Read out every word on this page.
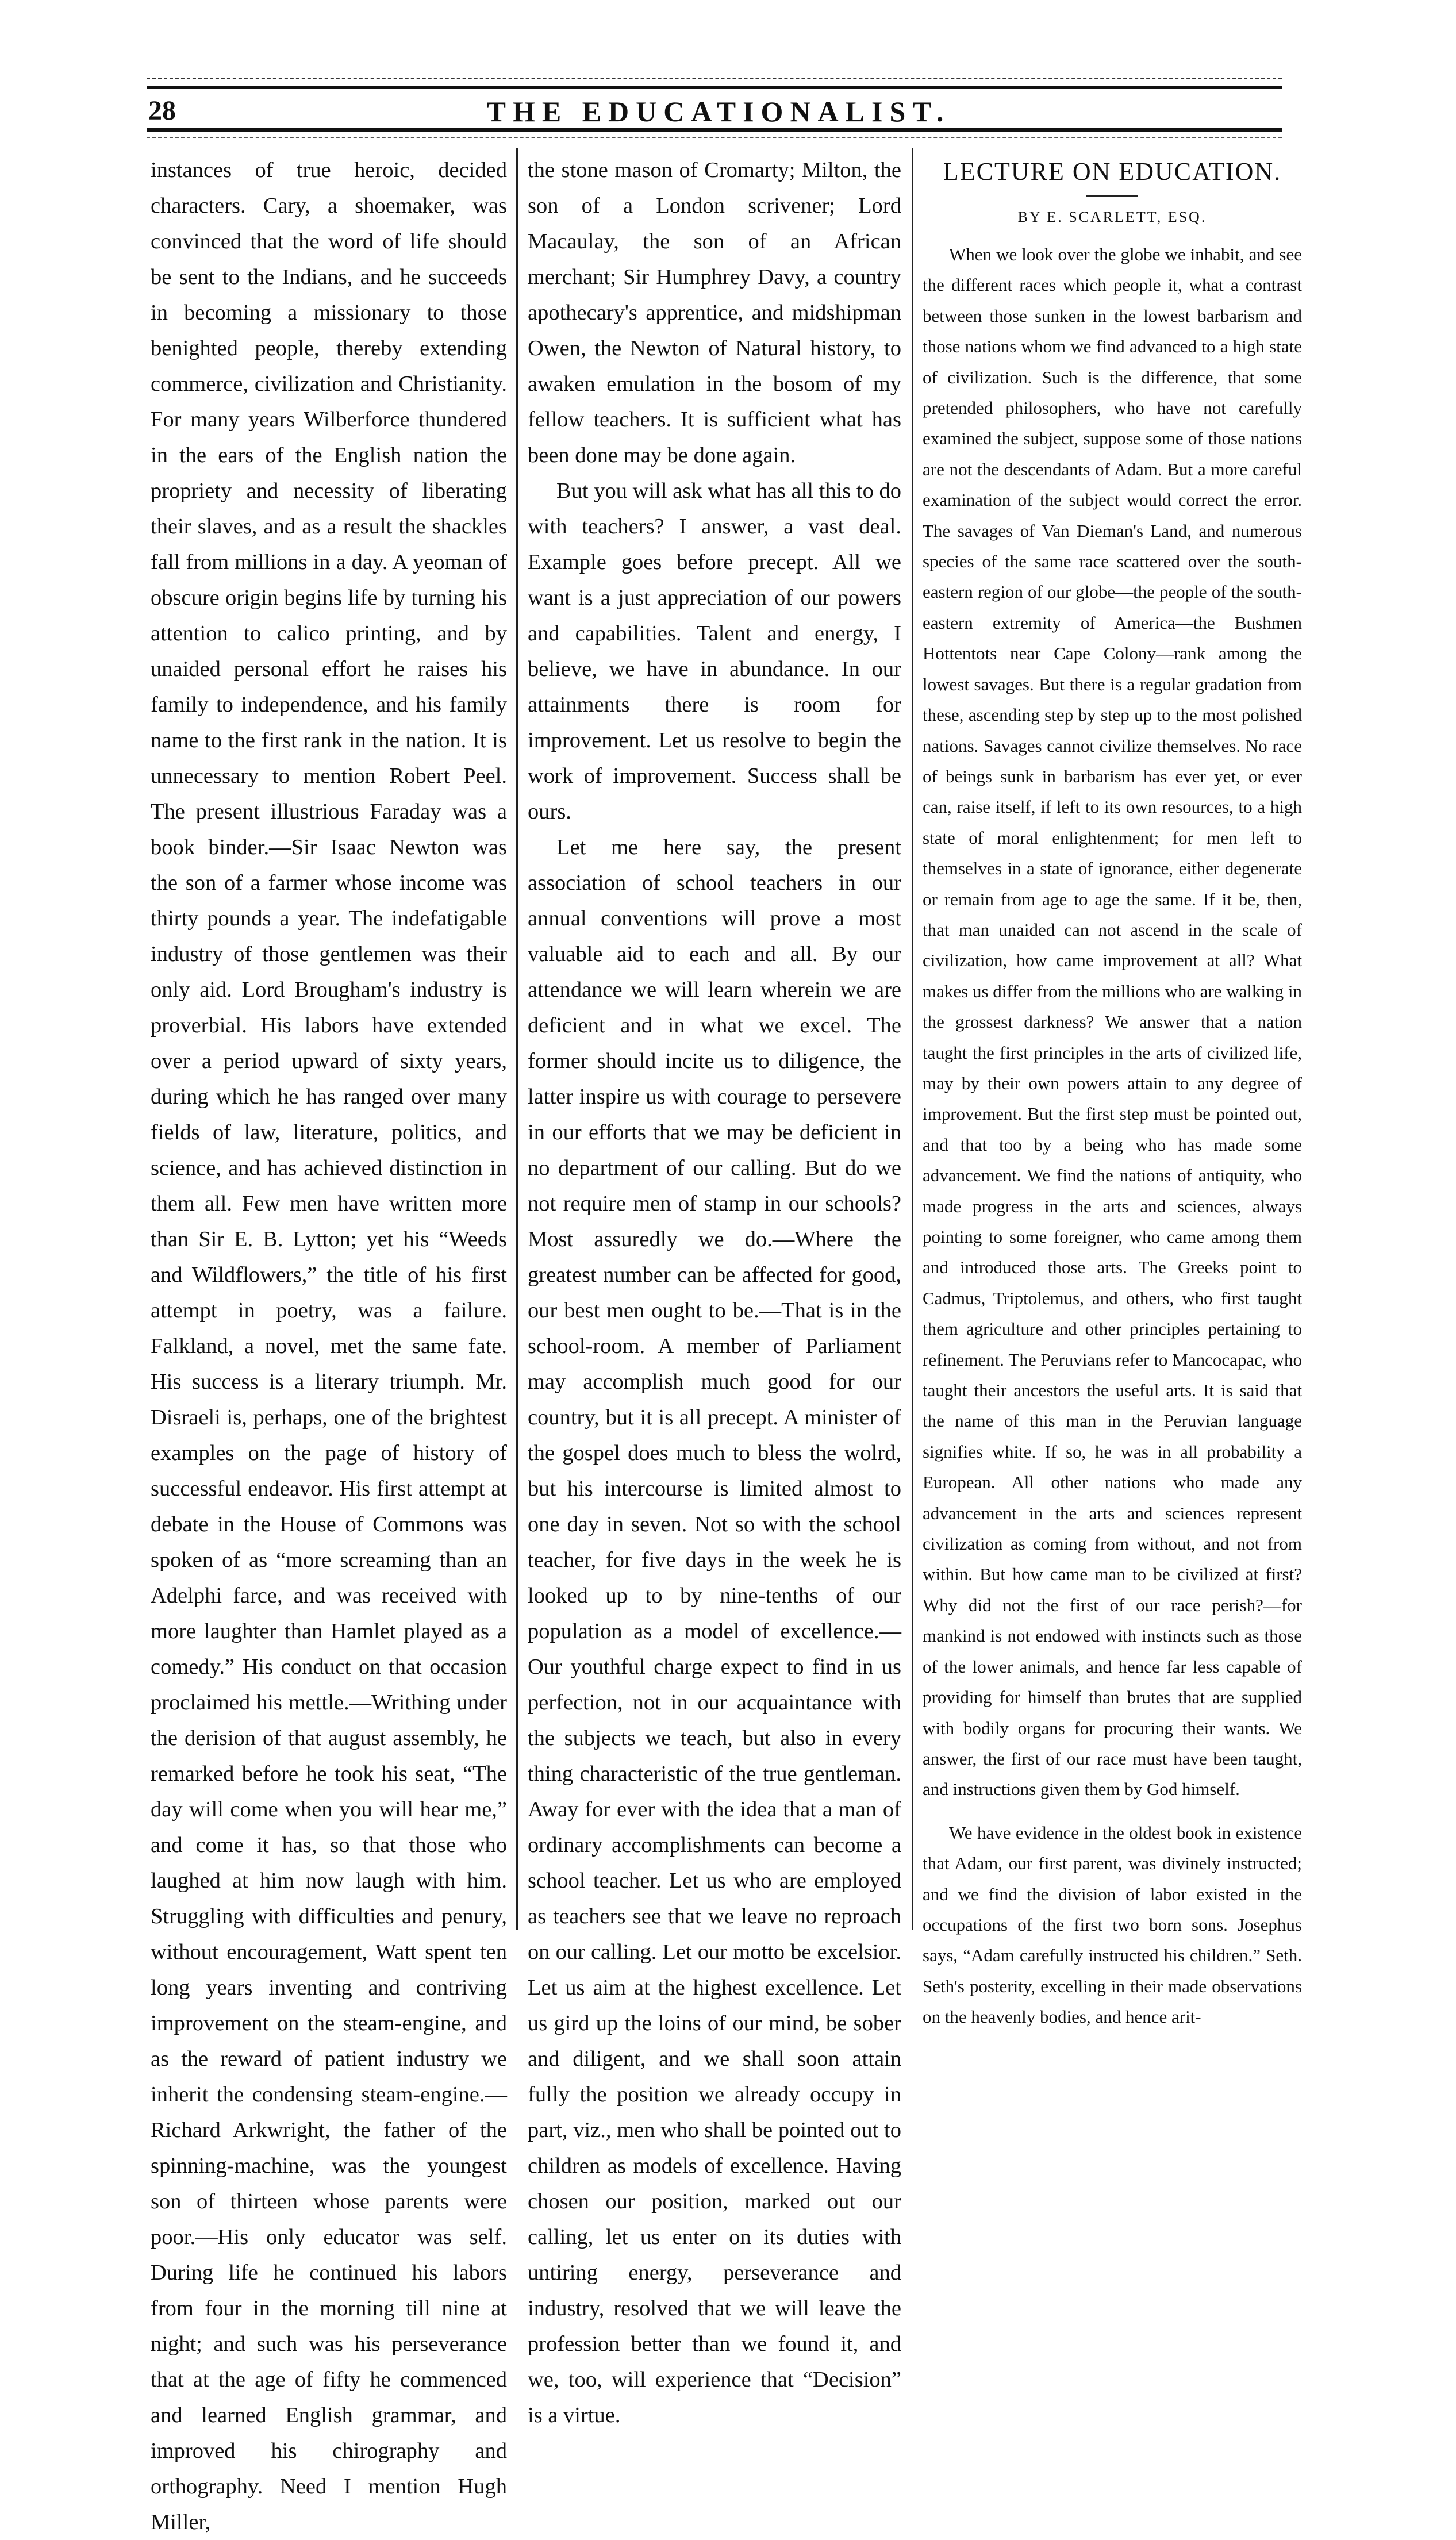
28	THE EDUCATIONALIST.

instances of true heroic, decided characters. Cary, a shoemaker, was convinced that the word of life should be sent to the Indians, and he succeeds in becoming a missionary to those benighted people, thereby extending commerce, civilization and Christianity. For many years Wilberforce thundered in the ears of the English nation the propriety and necessity of liberating their slaves, and as a result the shackles fall from millions in a day. A yeoman of obscure origin begins life by turning his attention to calico printing, and by unaided personal effort he raises his family to independence, and his family name to the first rank in the nation. It is unnecessary to mention Robert Peel. The present illustrious Faraday was a book binder.—Sir Isaac Newton was the son of a farmer whose income was thirty pounds a year. The indefatigable industry of those gentlemen was their only aid. Lord Brougham's industry is proverbial. His labors have extended over a period upward of sixty years, during which he has ranged over many fields of law, literature, politics, and science, and has achieved distinction in them all. Few men have written more than Sir E. B. Lytton; yet his “Weeds and Wildflowers,” the title of his first attempt in poetry, was a failure. Falkland, a novel, met the same fate. His success is a literary triumph. Mr. Disraeli is, perhaps, one of the brightest examples on the page of history of successful endeavor. His first attempt at debate in the House of Commons was spoken of as “more screaming than an Adelphi farce, and was received with more laughter than Hamlet played as a comedy.” His conduct on that occasion proclaimed his mettle.—Writhing under the derision of that august assembly, he remarked before he took his seat, “The day will come when you will hear me,” and come it has, so that those who laughed at him now laugh with him. Struggling with difficulties and penury, without encouragement, Watt spent ten long years inventing and contriving improvement on the steam-engine, and as the reward of patient industry we inherit the condensing steam-engine.—Richard Arkwright, the father of the spinning-machine, was the youngest son of thirteen whose parents were poor.—His only educator was self. During life he continued his labors from four in the morning till nine at night; and such was his perseverance that at the age of fifty he commenced and learned English grammar, and improved his chirography and orthography. Need I mention Hugh Miller,

the stone mason of Cromarty; Milton, the son of a London scrivener; Lord Macaulay, the son of an African merchant; Sir Humphrey Davy, a country apothecary's apprentice, and midshipman Owen, the Newton of Natural history, to awaken emulation in the bosom of my fellow teachers. It is sufficient what has been done may be done again.

But you will ask what has all this to do with teachers? I answer, a vast deal. Example goes before precept. All we want is a just appreciation of our powers and capabilities. Talent and energy, I believe, we have in abundance. In our attainments there is room for improvement. Let us resolve to begin the work of improvement. Success shall be ours.

Let me here say, the present association of school teachers in our annual conventions will prove a most valuable aid to each and all. By our attendance we will learn wherein we are deficient and in what we excel. The former should incite us to diligence, the latter inspire us with courage to persevere in our efforts that we may be deficient in no department of our calling. But do we not require men of stamp in our schools? Most assuredly we do.—Where the greatest number can be affected for good, our best men ought to be.—That is in the school-room. A member of Parliament may accomplish much good for our country, but it is all precept. A minister of the gospel does much to bless the wolrd, but his intercourse is limited almost to one day in seven. Not so with the school teacher, for five days in the week he is looked up to by nine-tenths of our population as a model of excellence.—Our youthful charge expect to find in us perfection, not in our acquaintance with the subjects we teach, but also in every thing characteristic of the true gentleman. Away for ever with the idea that a man of ordinary accomplishments can become a school teacher. Let us who are employed as teachers see that we leave no reproach on our calling. Let our motto be excelsior. Let us aim at the highest excellence. Let us gird up the loins of our mind, be sober and diligent, and we shall soon attain fully the position we already occupy in part, viz., men who shall be pointed out to children as models of excellence. Having chosen our position, marked out our calling, let us enter on its duties with untiring energy, perseverance and industry, resolved that we will leave the profession better than we found it, and we, too, will experience that “Decision” is a virtue.

LECTURE ON EDUCATION.
BY E. SCARLETT, ESQ.

When we look over the globe we inhabit, and see the different races which people it, what a contrast between those sunken in the lowest barbarism and those nations whom we find advanced to a high state of civilization. Such is the difference, that some pretended philosophers, who have not carefully examined the subject, suppose some of those nations are not the descendants of Adam. But a more careful examination of the subject would correct the error. The savages of Van Dieman's Land, and numerous species of the same race scattered over the south-eastern region of our globe—the people of the south-eastern extremity of America—the Bushmen Hottentots near Cape Colony—rank among the lowest savages. But there is a regular gradation from these, ascending step by step up to the most polished nations. Savages cannot civilize themselves. No race of beings sunk in barbarism has ever yet, or ever can, raise itself, if left to its own resources, to a high state of moral enlightenment; for men left to themselves in a state of ignorance, either degenerate or remain from age to age the same. If it be, then, that man unaided can not ascend in the scale of civilization, how came improvement at all? What makes us differ from the millions who are walking in the grossest darkness? We answer that a nation taught the first principles in the arts of civilized life, may by their own powers attain to any degree of improvement. But the first step must be pointed out, and that too by a being who has made some advancement. We find the nations of antiquity, who made progress in the arts and sciences, always pointing to some foreigner, who came among them and introduced those arts. The Greeks point to Cadmus, Triptolemus, and others, who first taught them agriculture and other principles pertaining to refinement. The Peruvians refer to Mancocapac, who taught their ancestors the useful arts. It is said that the name of this man in the Peruvian language signifies white. If so, he was in all probability a European. All other nations who made any advancement in the arts and sciences represent civilization as coming from without, and not from within. But how came man to be civilized at first? Why did not the first of our race perish?—for mankind is not endowed with instincts such as those of the lower animals, and hence far less capable of providing for himself than brutes that are supplied with bodily organs for procuring their wants. We answer, the first of our race must have been taught, and instructions given them by God himself.

We have evidence in the oldest book in existence that Adam, our first parent, was divinely instructed; and we find the division of labor existed in the occupations of the first two born sons. Josephus says, “Adam carefully instructed his children.” Seth. Seth's posterity, excelling in their made observations on the heavenly bodies, and hence arit-
